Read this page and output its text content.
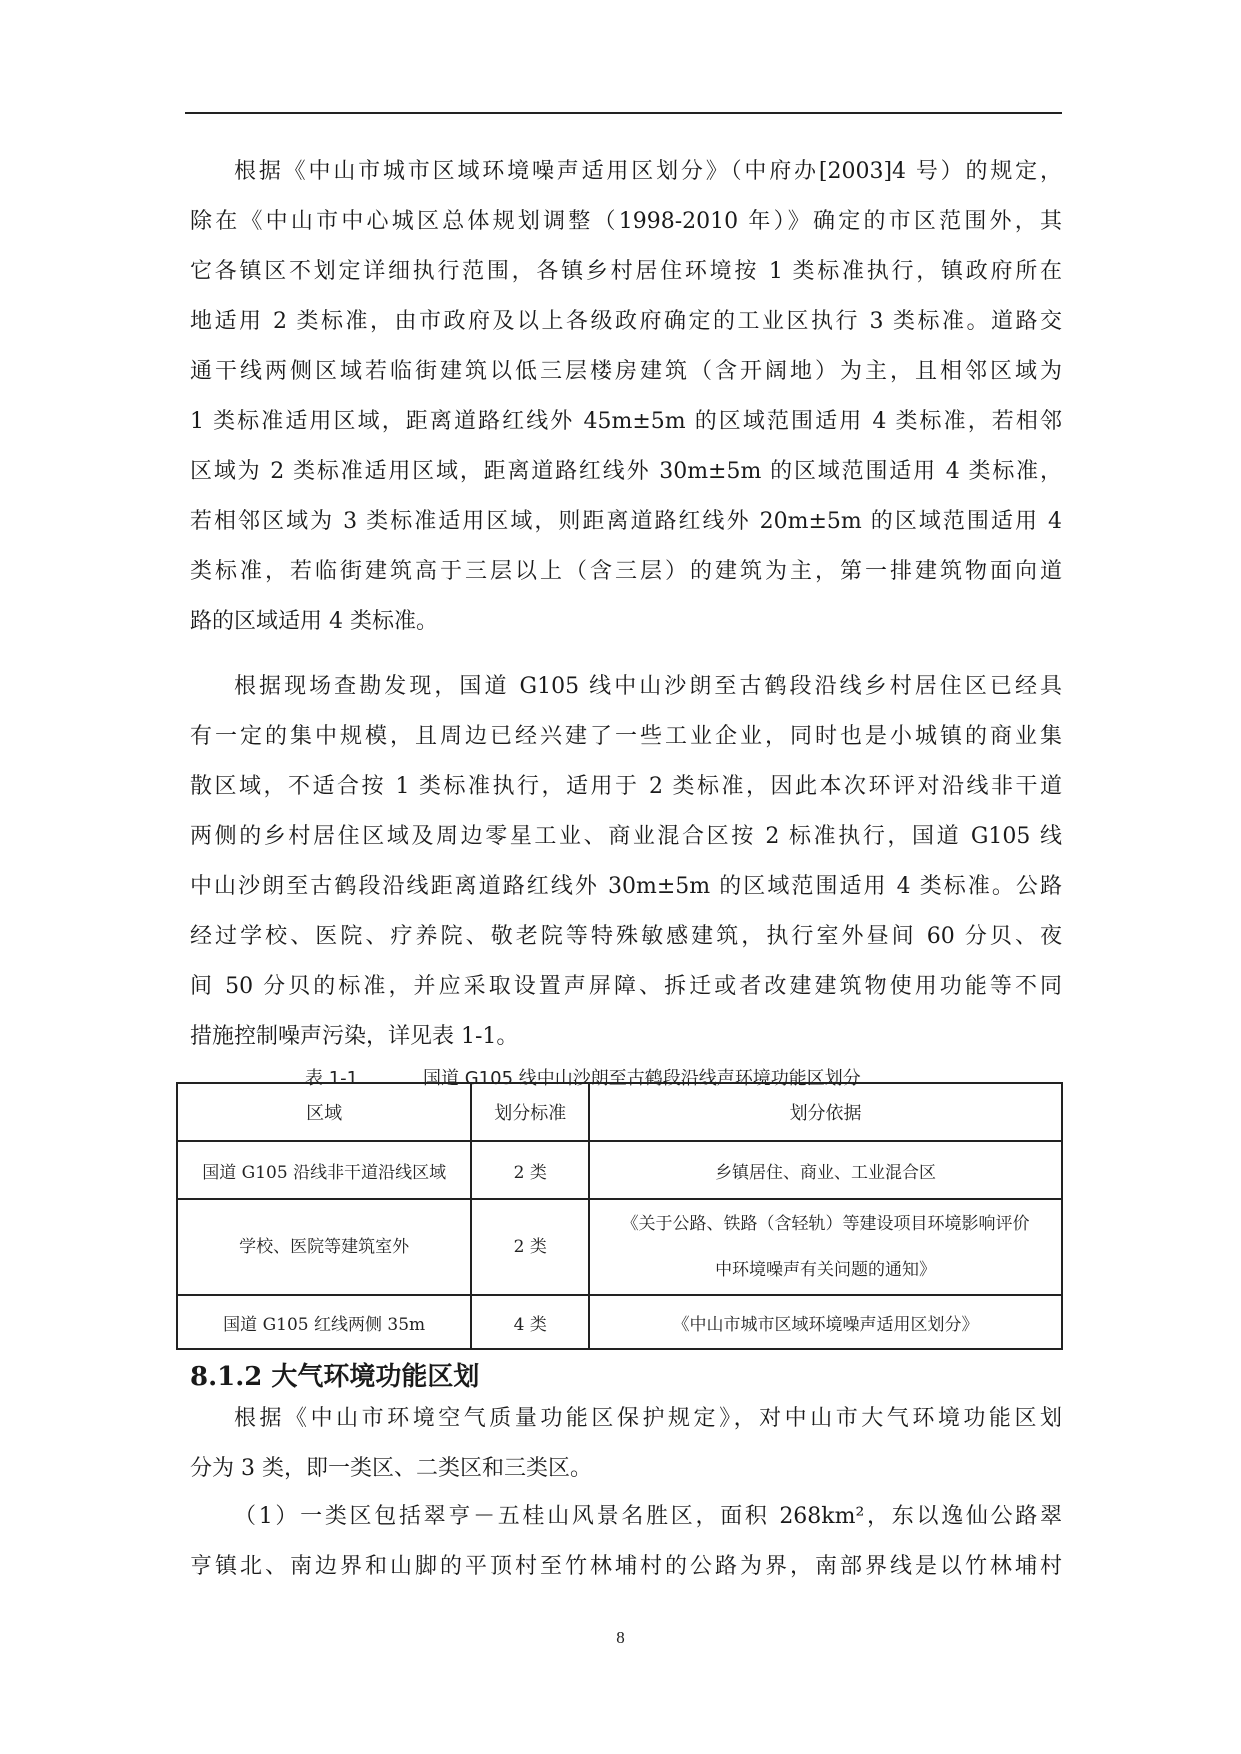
根据《中山市城市区域环境噪声适用区划分》（中府办[2003]4 号）的规定，
除在《中山市中心城区总体规划调整（1998-2010 年）》确定的市区范围外，其
它各镇区不划定详细执行范围，各镇乡村居住环境按 1 类标准执行，镇政府所在
地适用 2 类标准，由市政府及以上各级政府确定的工业区执行 3 类标准。道路交
通干线两侧区域若临街建筑以低三层楼房建筑（含开阔地）为主，且相邻区域为
1 类标准适用区域，距离道路红线外 45m±5m 的区域范围适用 4 类标准，若相邻
区域为 2 类标准适用区域，距离道路红线外 30m±5m 的区域范围适用 4 类标准，
若相邻区域为 3 类标准适用区域，则距离道路红线外 20m±5m 的区域范围适用 4
类标准，若临街建筑高于三层以上（含三层）的建筑为主，第一排建筑物面向道
路的区域适用 4 类标准。
根据现场查勘发现，国道 G105 线中山沙朗至古鹤段沿线乡村居住区已经具
有一定的集中规模，且周边已经兴建了一些工业企业，同时也是小城镇的商业集
散区域，不适合按 1 类标准执行，适用于 2 类标准，因此本次环评对沿线非干道
两侧的乡村居住区域及周边零星工业、商业混合区按 2 标准执行，国道 G105 线
中山沙朗至古鹤段沿线距离道路红线外 30m±5m 的区域范围适用 4 类标准。公路
经过学校、医院、疗养院、敬老院等特殊敏感建筑，执行室外昼间 60 分贝、夜
间 50 分贝的标准，并应采取设置声屏障、拆迁或者改建建筑物使用功能等不同
措施控制噪声污染，详见表 1-1。
表 1-1	国道 G105 线中山沙朗至古鹤段沿线声环境功能区划分
区域	划分标准	划分依据
国道 G105 沿线非干道沿线区域	2 类	乡镇居住、商业、工业混合区
学校、医院等建筑室外	2 类	《关于公路、铁路（含轻轨）等建设项目环境影响评价
中环境噪声有关问题的通知》
国道 G105 红线两侧 35m	4 类	《中山市城市区域环境噪声适用区划分》
8.1.2 大气环境功能区划
根据《中山市环境空气质量功能区保护规定》，对中山市大气环境功能区划
分为 3 类，即一类区、二类区和三类区。
（1）一类区包括翠亨－五桂山风景名胜区，面积 268km²，东以逸仙公路翠
亨镇北、南边界和山脚的平顶村至竹林埔村的公路为界，南部界线是以竹林埔村
8
